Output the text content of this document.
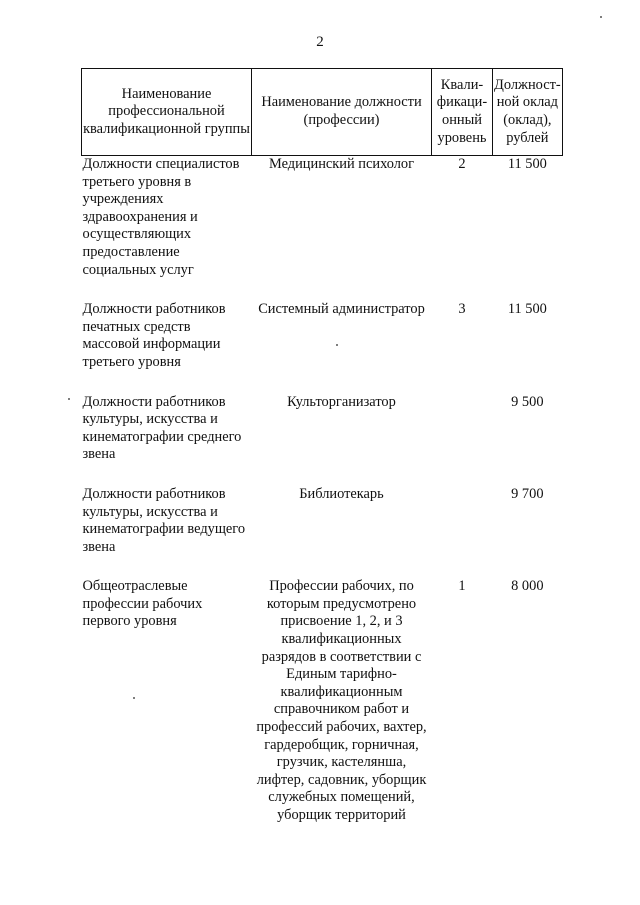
2
Наименование профессиональной квалификационной группы	Наименование должности (профессии)	Квали-фикаци-онный уровень	Должност-ной оклад (оклад), рублей
Должности специалистов третьего уровня в учреждениях здравоохранения и осуществляющих предоставление социальных услуг	Медицинский психолог	2	11 500
Должности работников печатных средств массовой информации третьего уровня	Системный администратор	3	11 500
Должности работников культуры, искусства и кинематографии среднего звена	Культорганизатор		9 500
Должности работников культуры, искусства и кинематографии ведущего звена	Библиотекарь		9 700
Общеотраслевые профессии рабочих первого уровня	Профессии рабочих, по которым предусмотрено присвоение 1, 2, и 3 квалификационных разрядов в соответствии с Единым тарифно-квалификационным справочником работ и профессий рабочих, вахтер, гардеробщик, горничная, грузчик, кастелянша, лифтер, садовник, уборщик служебных помещений, уборщик территорий	1	8 000
